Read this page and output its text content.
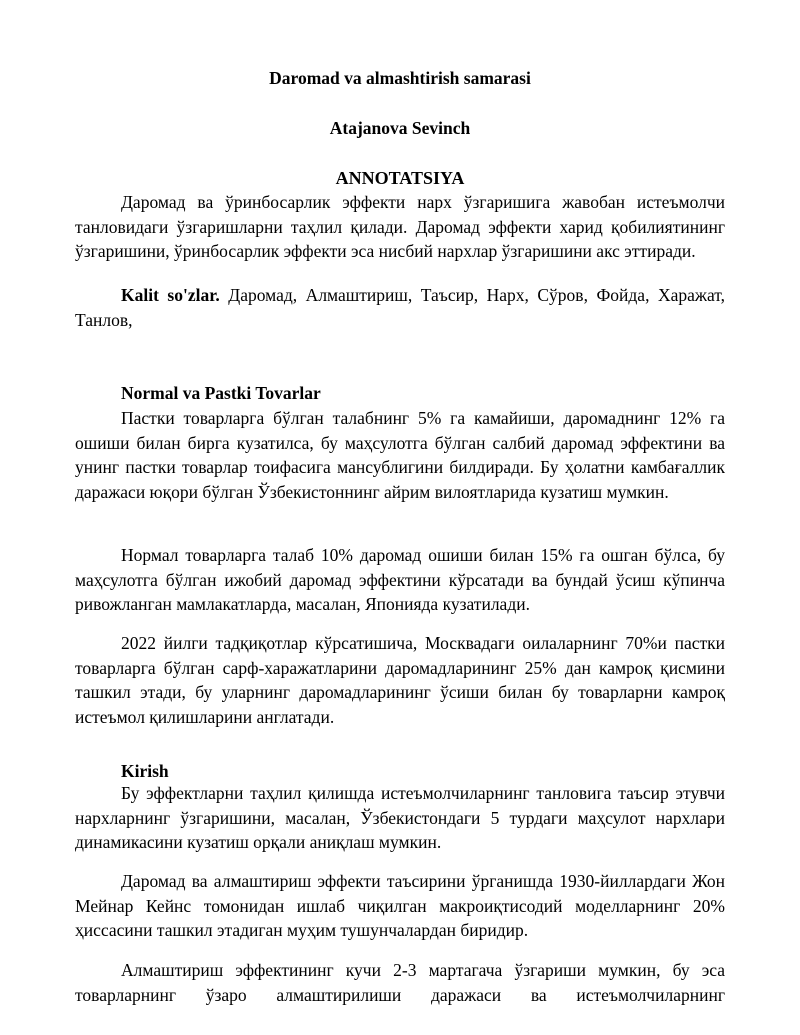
Daromad va almashtirish samarasi
Atajanova Sevinch
ANNOTATSIYA

Даромад ва ўринбосарлик эффекти нарх ўзгаришига жавобан истеъмолчи танловидаги ўзгаришларни таҳлил қилади. Даромад эффекти харид қобилиятининг ўзгаришини, ўринбосарлик эффекти эса нисбий нархлар ўзгаришини акс эттиради.

Kalit so'zlar. Даромад, Алмаштириш, Таъсир, Нарх, Сўров, Фойда, Харажат, Танлов,

Normal va Pastki Tovarlar

Пастки товарларга бўлган талабнинг 5% га камайиши, даромаднинг 12% га ошиши билан бирга кузатилса, бу маҳсулотга бўлган салбий даромад эффектини ва унинг пастки товарлар тоифасига мансублигини билдиради. Бу ҳолатни камбағаллик даражаси юқори бўлган Ўзбекистоннинг айрим вилоятларида кузатиш мумкин.

Нормал товарларга талаб 10% даромад ошиши билан 15% га ошган бўлса, бу маҳсулотга бўлган ижобий даромад эффектини кўрсатади ва бундай ўсиш кўпинча ривожланган мамлакатларда, масалан, Японияда кузатилади.

2022 йилги тадқиқотлар кўрсатишича, Москвадаги оилаларнинг 70%и пастки товарларга бўлган сарф-харажатларини даромадларининг 25% дан камроқ қисмини ташкил этади, бу уларнинг даромадларининг ўсиши билан бу товарларни камроқ истеъмол қилишларини англатади.

Kirish

Бу эффектларни таҳлил қилишда истеъмолчиларнинг танловига таъсир этувчи нархларнинг ўзгаришини, масалан, Ўзбекистондаги 5 турдаги маҳсулот нархлари динамикасини кузатиш орқали аниқлаш мумкин.

Даромад ва алмаштириш эффекти таъсирини ўрганишда 1930-йиллардаги Жон Мейнар Кейнс томонидан ишлаб чиқилган макроиқтисодий моделларнинг 20% ҳиссасини ташкил этадиган муҳим тушунчалардан биридир.

Алмаштириш эффектининг кучи 2-3 мартагача ўзгариши мумкин, бу эса товарларнинг ўзаро алмаштирилиши даражаси ва истеъмолчиларнинг
